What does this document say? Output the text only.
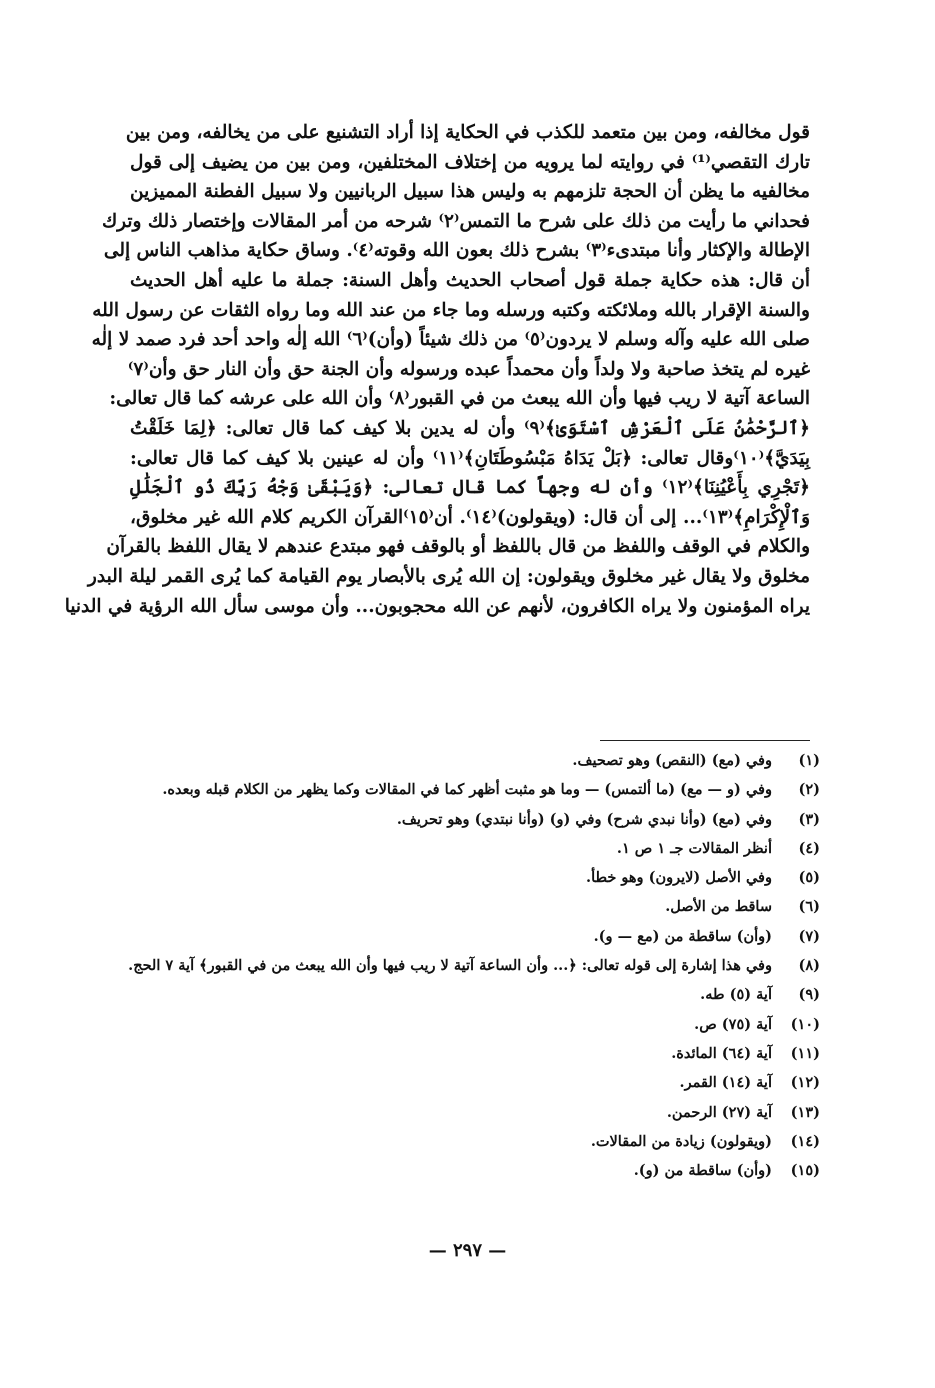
قول مخالفه، ومن بين متعمد للكذب في الحكاية إذا أراد التشنيع على من يخالفه، ومن بين
تارك التقصي⁽¹⁾ في روايته لما يرويه من إختلاف المختلفين، ومن بين من يضيف إلى قول
مخالفيه ما يظن أن الحجة تلزمهم به وليس هذا سبيل الربانيين ولا سبيل الفطنة المميزين
فحداني ما رأيت من ذلك على شرح ما التمس⁽٢⁾ شرحه من أمر المقالات وإختصار ذلك وترك
الإطالة والإكثار وأنا مبتدىء⁽٣⁾ بشرح ذلك بعون الله وقوته⁽٤⁾. وساق حكاية مذاهب الناس إلى
أن قال: هذه حكاية جملة قول أصحاب الحديث وأهل السنة: جملة ما عليه أهل الحديث
والسنة الإقرار بالله وملائكته وكتبه ورسله وما جاء من عند الله وما رواه الثقات عن رسول الله
صلى الله عليه وآله وسلم لا يردون⁽٥⁾ من ذلك شيئاً (وأن)⁽٦⁾ الله إلٰه واحد أحد فرد صمد لا إلٰه
غيره لم يتخذ صاحبة ولا ولداً وأن محمداً عبده ورسوله وأن الجنة حق وأن النار حق وأن⁽٧⁾
الساعة آتية لا ريب فيها وأن الله يبعث من في القبور⁽٨⁾ وأن الله على عرشه كما قال تعالى:
﴿ٱلرَّحْمَٰنُ عَلَى ٱلْعَرْشِ ٱسْتَوَىٰ﴾⁽٩⁾ وأن له يدين بلا كيف كما قال تعالى: ﴿لِمَا خَلَقْتُ
بِيَدَيَّ﴾⁽١٠⁾وقال تعالى: ﴿بَلْ يَدَاهُ مَبْسُوطَتَانِ﴾⁽١١⁾ وأن له عينين بلا كيف كما قال تعالى:
﴿تَجْرِي بِأَعْيُنِنَا﴾⁽١٢⁾ وأن له وجهاً كما قال تعالى: ﴿وَيَبْقَىٰ وَجْهُ رَبِّكَ ذُو ٱلْجَلَٰلِ
وَٱلْإِكْرَامِ﴾⁽١٣⁾... إلى أن قال: (ويقولون)⁽١٤⁾. أن⁽١٥⁾القرآن الكريم كلام الله غير مخلوق،
والكلام في الوقف واللفظ من قال باللفظ أو بالوقف فهو مبتدع عندهم لا يقال اللفظ بالقرآن
مخلوق ولا يقال غير مخلوق ويقولون: إن الله يُرى بالأبصار يوم القيامة كما يُرى القمر ليلة البدر
يراه المؤمنون ولا يراه الكافرون، لأنهم عن الله محجوبون... وأن موسى سأل الله الرؤية في الدنيا
(١)
وفي (مع) (النقص) وهو تصحيف.
(٢)
وفي (و — مع) (ما ألتمس) — وما هو مثبت أظهر كما في المقالات وكما يظهر من الكلام قبله وبعده.
(٣)
وفي (مع) (وأنا نبدي شرح) وفي (و) (وأنا نبتدي) وهو تحريف.
(٤)
أنظر المقالات جـ ١ ص ١.
(٥)
وفي الأصل (لايرون) وهو خطأ.
(٦)
ساقط من الأصل.
(٧)
(وأن) ساقطة من (مع — و).
(٨)
وفي هذا إشارة إلى قوله تعالى: ﴿... وأن الساعة آتية لا ريب فيها وأن الله يبعث من في القبور﴾ آية ٧ الحج.
(٩)
آية (٥) طه.
(١٠)
آية (٧٥) ص.
(١١)
آية (٦٤) المائدة.
(١٢)
آية (١٤) القمر.
(١٣)
آية (٢٧) الرحمن.
(١٤)
(ويقولون) زيادة من المقالات.
(١٥)
(وأن) ساقطة من (و).
— ٢٩٧ —
